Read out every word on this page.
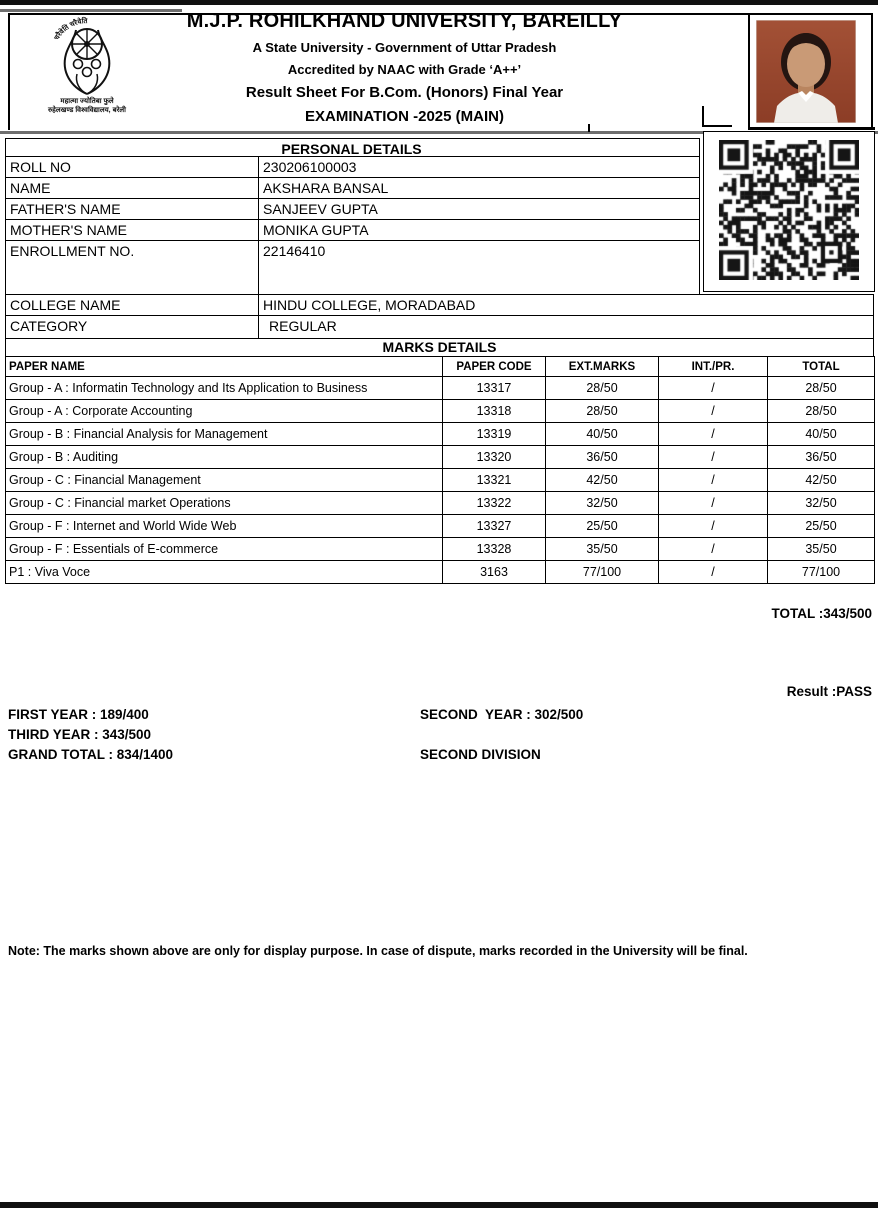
चरैवेति चरैवेति
महात्मा ज्योतिबा फुले
रुहेलखण्ड विश्वविद्यालय, बरेली
M.J.P. ROHILKHAND UNIVERSITY, BAREILLY
A State University - Government of Uttar Pradesh
Accredited by NAAC with Grade ‘A++’
Result Sheet For B.Com. (Honors) Final Year
EXAMINATION -2025 (MAIN)
PERSONAL DETAILS
ROLL NO	230206100003
NAME	AKSHARA BANSAL
FATHER'S NAME	SANJEEV GUPTA
MOTHER'S NAME	MONIKA GUPTA
ENROLLMENT NO.	22146410
COLLEGE NAME	HINDU COLLEGE, MORADABAD
CATEGORY	REGULAR
MARKS DETAILS
PAPER NAME	PAPER CODE	EXT.MARKS	INT./PR.	TOTAL
Group - A : Informatin Technology and Its Application to Business	13317	28/50	/	28/50
Group - A : Corporate Accounting	13318	28/50	/	28/50
Group - B : Financial Analysis for Management	13319	40/50	/	40/50
Group - B : Auditing	13320	36/50	/	36/50
Group - C : Financial Management	13321	42/50	/	42/50
Group - C : Financial market Operations	13322	32/50	/	32/50
Group - F : Internet and World Wide Web	13327	25/50	/	25/50
Group - F : Essentials of E-commerce	13328	35/50	/	35/50
P1 : Viva Voce	3163	77/100	/	77/100
TOTAL :343/500
Result :PASS
FIRST YEAR : 189/400	SECOND  YEAR : 302/500
THIRD YEAR : 343/500
GRAND TOTAL : 834/1400	SECOND DIVISION
Note: The marks shown above are only for display purpose. In case of dispute, marks recorded in the University will be final.
